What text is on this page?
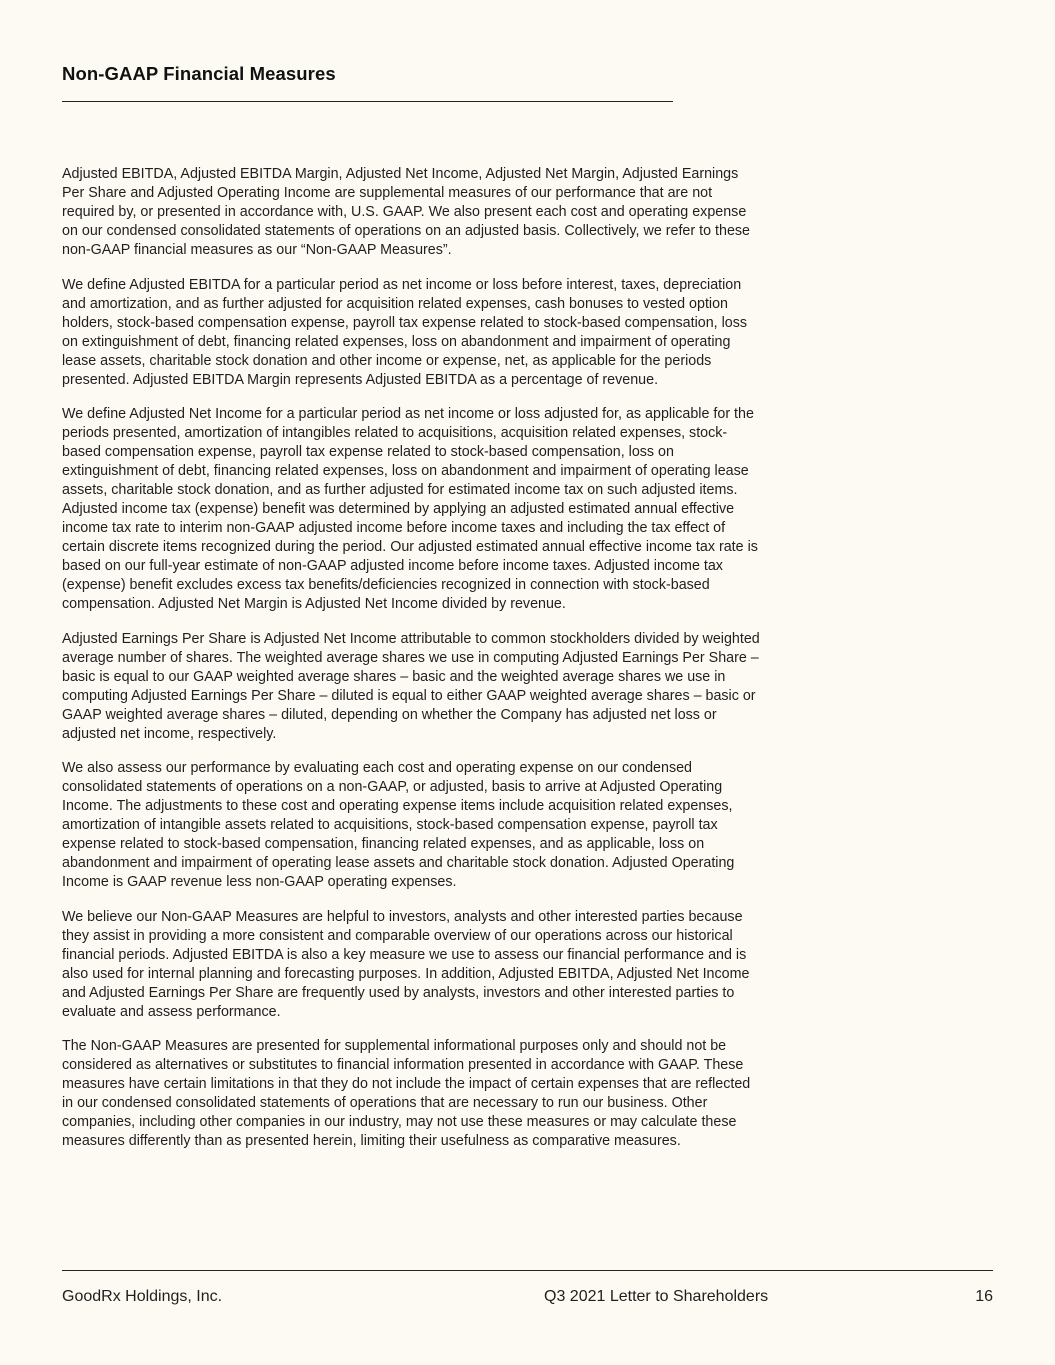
Non-GAAP Financial Measures

Adjusted EBITDA, Adjusted EBITDA Margin, Adjusted Net Income, Adjusted Net Margin, Adjusted Earnings Per Share and Adjusted Operating Income are supplemental measures of our performance that are not required by, or presented in accordance with, U.S. GAAP. We also present each cost and operating expense on our condensed consolidated statements of operations on an adjusted basis. Collectively, we refer to these non-GAAP financial measures as our “Non-GAAP Measures”.

We define Adjusted EBITDA for a particular period as net income or loss before interest, taxes, depreciation and amortization, and as further adjusted for acquisition related expenses, cash bonuses to vested option holders, stock-based compensation expense, payroll tax expense related to stock-based compensation, loss on extinguishment of debt, financing related expenses, loss on abandonment and impairment of operating lease assets, charitable stock donation and other income or expense, net, as applicable for the periods presented. Adjusted EBITDA Margin represents Adjusted EBITDA as a percentage of revenue.

We define Adjusted Net Income for a particular period as net income or loss adjusted for, as applicable for the periods presented, amortization of intangibles related to acquisitions, acquisition related expenses, stock-based compensation expense, payroll tax expense related to stock-based compensation, loss on extinguishment of debt, financing related expenses, loss on abandonment and impairment of operating lease assets, charitable stock donation, and as further adjusted for estimated income tax on such adjusted items. Adjusted income tax (expense) benefit was determined by applying an adjusted estimated annual effective income tax rate to interim non-GAAP adjusted income before income taxes and including the tax effect of certain discrete items recognized during the period. Our adjusted estimated annual effective income tax rate is based on our full-year estimate of non-GAAP adjusted income before income taxes. Adjusted income tax (expense) benefit excludes excess tax benefits/deficiencies recognized in connection with stock-based compensation. Adjusted Net Margin is Adjusted Net Income divided by revenue.

Adjusted Earnings Per Share is Adjusted Net Income attributable to common stockholders divided by weighted average number of shares. The weighted average shares we use in computing Adjusted Earnings Per Share – basic is equal to our GAAP weighted average shares – basic and the weighted average shares we use in computing Adjusted Earnings Per Share – diluted is equal to either GAAP weighted average shares – basic or GAAP weighted average shares – diluted, depending on whether the Company has adjusted net loss or adjusted net income, respectively.

We also assess our performance by evaluating each cost and operating expense on our condensed consolidated statements of operations on a non-GAAP, or adjusted, basis to arrive at Adjusted Operating Income. The adjustments to these cost and operating expense items include acquisition related expenses, amortization of intangible assets related to acquisitions, stock-based compensation expense, payroll tax expense related to stock-based compensation, financing related expenses, and as applicable, loss on abandonment and impairment of operating lease assets and charitable stock donation. Adjusted Operating Income is GAAP revenue less non-GAAP operating expenses.

We believe our Non-GAAP Measures are helpful to investors, analysts and other interested parties because they assist in providing a more consistent and comparable overview of our operations across our historical financial periods. Adjusted EBITDA is also a key measure we use to assess our financial performance and is also used for internal planning and forecasting purposes. In addition, Adjusted EBITDA, Adjusted Net Income and Adjusted Earnings Per Share are frequently used by analysts, investors and other interested parties to evaluate and assess performance.

The Non-GAAP Measures are presented for supplemental informational purposes only and should not be considered as alternatives or substitutes to financial information presented in accordance with GAAP. These measures have certain limitations in that they do not include the impact of certain expenses that are reflected in our condensed consolidated statements of operations that are necessary to run our business. Other companies, including other companies in our industry, may not use these measures or may calculate these measures differently than as presented herein, limiting their usefulness as comparative measures.

GoodRx Holdings, Inc.	Q3 2021 Letter to Shareholders	16
